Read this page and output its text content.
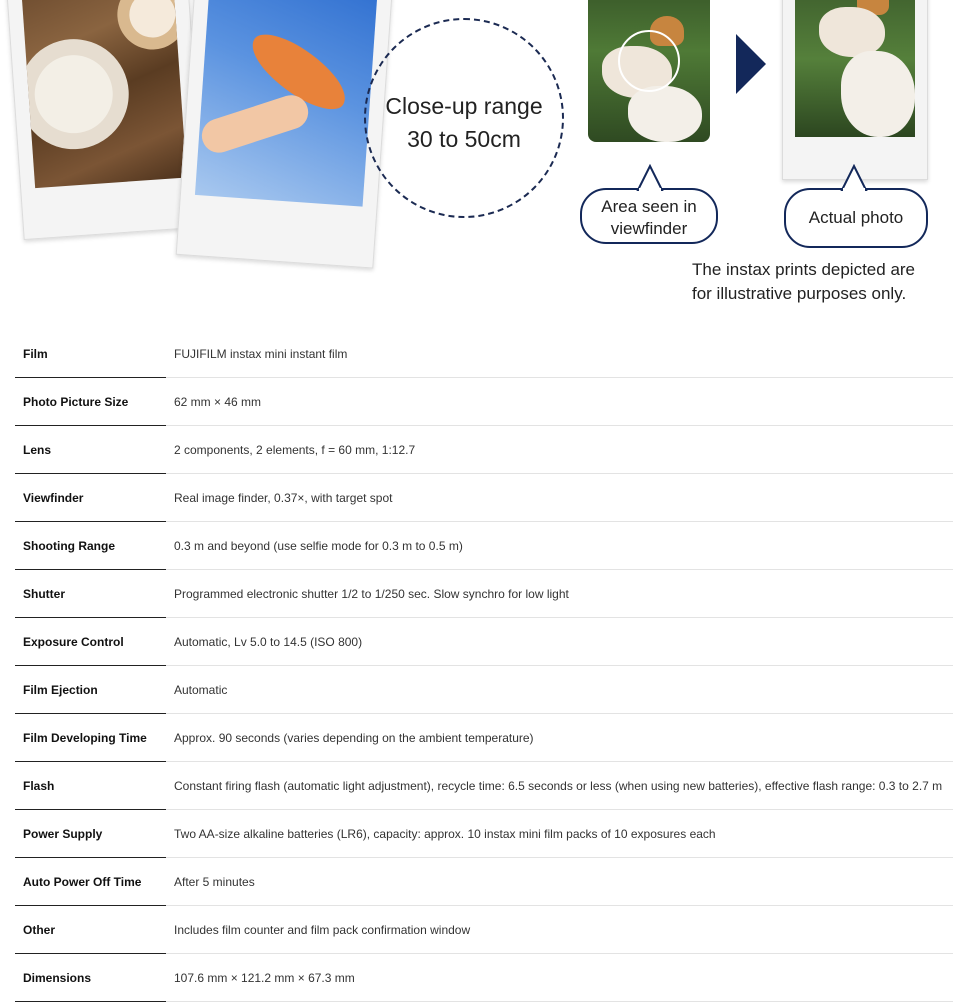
Close-up range
30 to 50cm
Area seen in
viewfinder
Actual photo
The instax prints depicted are
for illustrative purposes only.
Film	FUJIFILM instax mini instant film
Photo Picture Size	62 mm × 46 mm
Lens	2 components, 2 elements, f = 60 mm, 1:12.7
Viewfinder	Real image finder, 0.37×, with target spot
Shooting Range	0.3 m and beyond (use selfie mode for 0.3 m to 0.5 m)
Shutter	Programmed electronic shutter 1/2 to 1/250 sec. Slow synchro for low light
Exposure Control	Automatic, Lv 5.0 to 14.5 (ISO 800)
Film Ejection	Automatic
Film Developing Time	Approx. 90 seconds (varies depending on the ambient temperature)
Flash	Constant firing flash (automatic light adjustment), recycle time: 6.5 seconds or less (when using new batteries), effective flash range: 0.3 to 2.7 m
Power Supply	Two AA-size alkaline batteries (LR6), capacity: approx. 10 instax mini film packs of 10 exposures each
Auto Power Off Time	After 5 minutes
Other	Includes film counter and film pack confirmation window
Dimensions	107.6 mm × 121.2 mm × 67.3 mm
